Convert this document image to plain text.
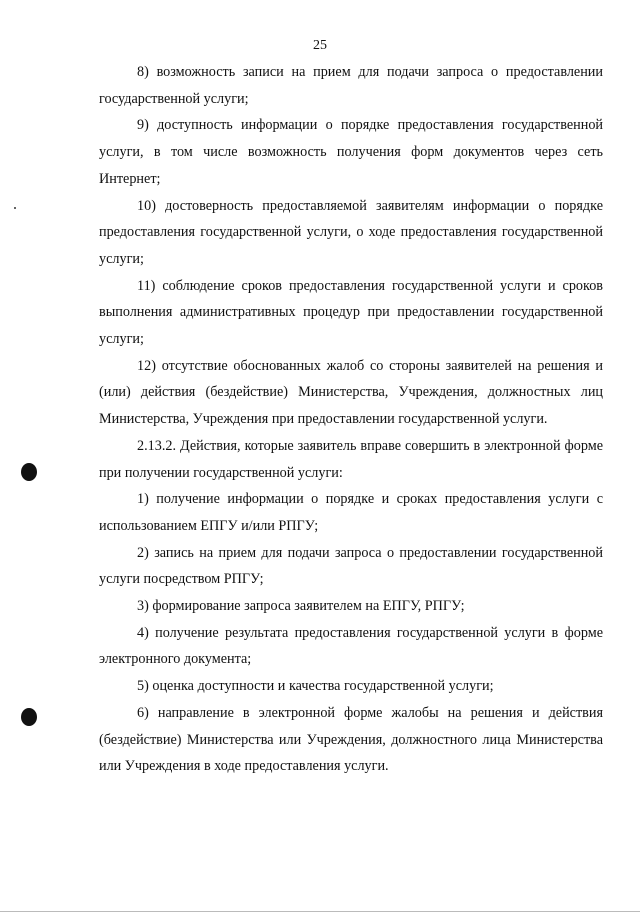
25

8) возможность записи на прием для подачи запроса о предоставлении государственной услуги;

9) доступность информации о порядке предоставления государственной услуги, в том числе возможность получения форм документов через сеть Интернет;

10) достоверность предоставляемой заявителям информации о порядке предоставления государственной услуги, о ходе предоставления государственной услуги;

11) соблюдение сроков предоставления государственной услуги и сроков выполнения административных процедур при предоставлении государственной услуги;

12) отсутствие обоснованных жалоб со стороны заявителей на решения и (или) действия (бездействие) Министерства, Учреждения, должностных лиц Министерства, Учреждения при предоставлении государственной услуги.

2.13.2. Действия, которые заявитель вправе совершить в электронной форме при получении государственной услуги:

1) получение информации о порядке и сроках предоставления услуги с использованием ЕПГУ и/или РПГУ;

2) запись на прием для подачи запроса о предоставлении государственной услуги посредством РПГУ;

3) формирование запроса заявителем на ЕПГУ, РПГУ;

4) получение результата предоставления государственной услуги в форме электронного документа;

5) оценка доступности и качества государственной услуги;

6) направление в электронной форме жалобы на решения и действия (бездействие) Министерства или Учреждения, должностного лица Министерства или Учреждения в ходе предоставления услуги.
